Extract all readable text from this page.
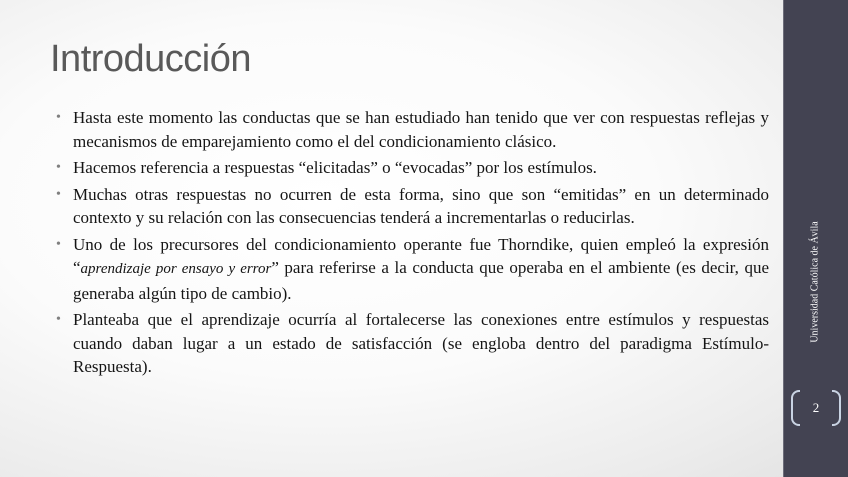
Introducción
• Hasta este momento las conductas que se han estudiado han tenido que ver con respuestas reflejas y mecanismos de emparejamiento como el del condicionamiento clásico.
• Hacemos referencia a respuestas “elicitadas” o “evocadas” por los estímulos.
• Muchas otras respuestas no ocurren de esta forma, sino que son “emitidas” en un determinado contexto y su relación con las consecuencias tenderá a incrementarlas o reducirlas.
• Uno de los precursores del condicionamiento operante fue Thorndike, quien empleó la expresión “aprendizaje por ensayo y error” para referirse a la conducta que operaba en el ambiente (es decir, que generaba algún tipo de cambio).
• Planteaba que el aprendizaje ocurría al fortalecerse las conexiones entre estímulos y respuestas cuando daban lugar a un estado de satisfacción (se engloba dentro del paradigma Estímulo-Respuesta).
Universidad Católica de Ávila
2
